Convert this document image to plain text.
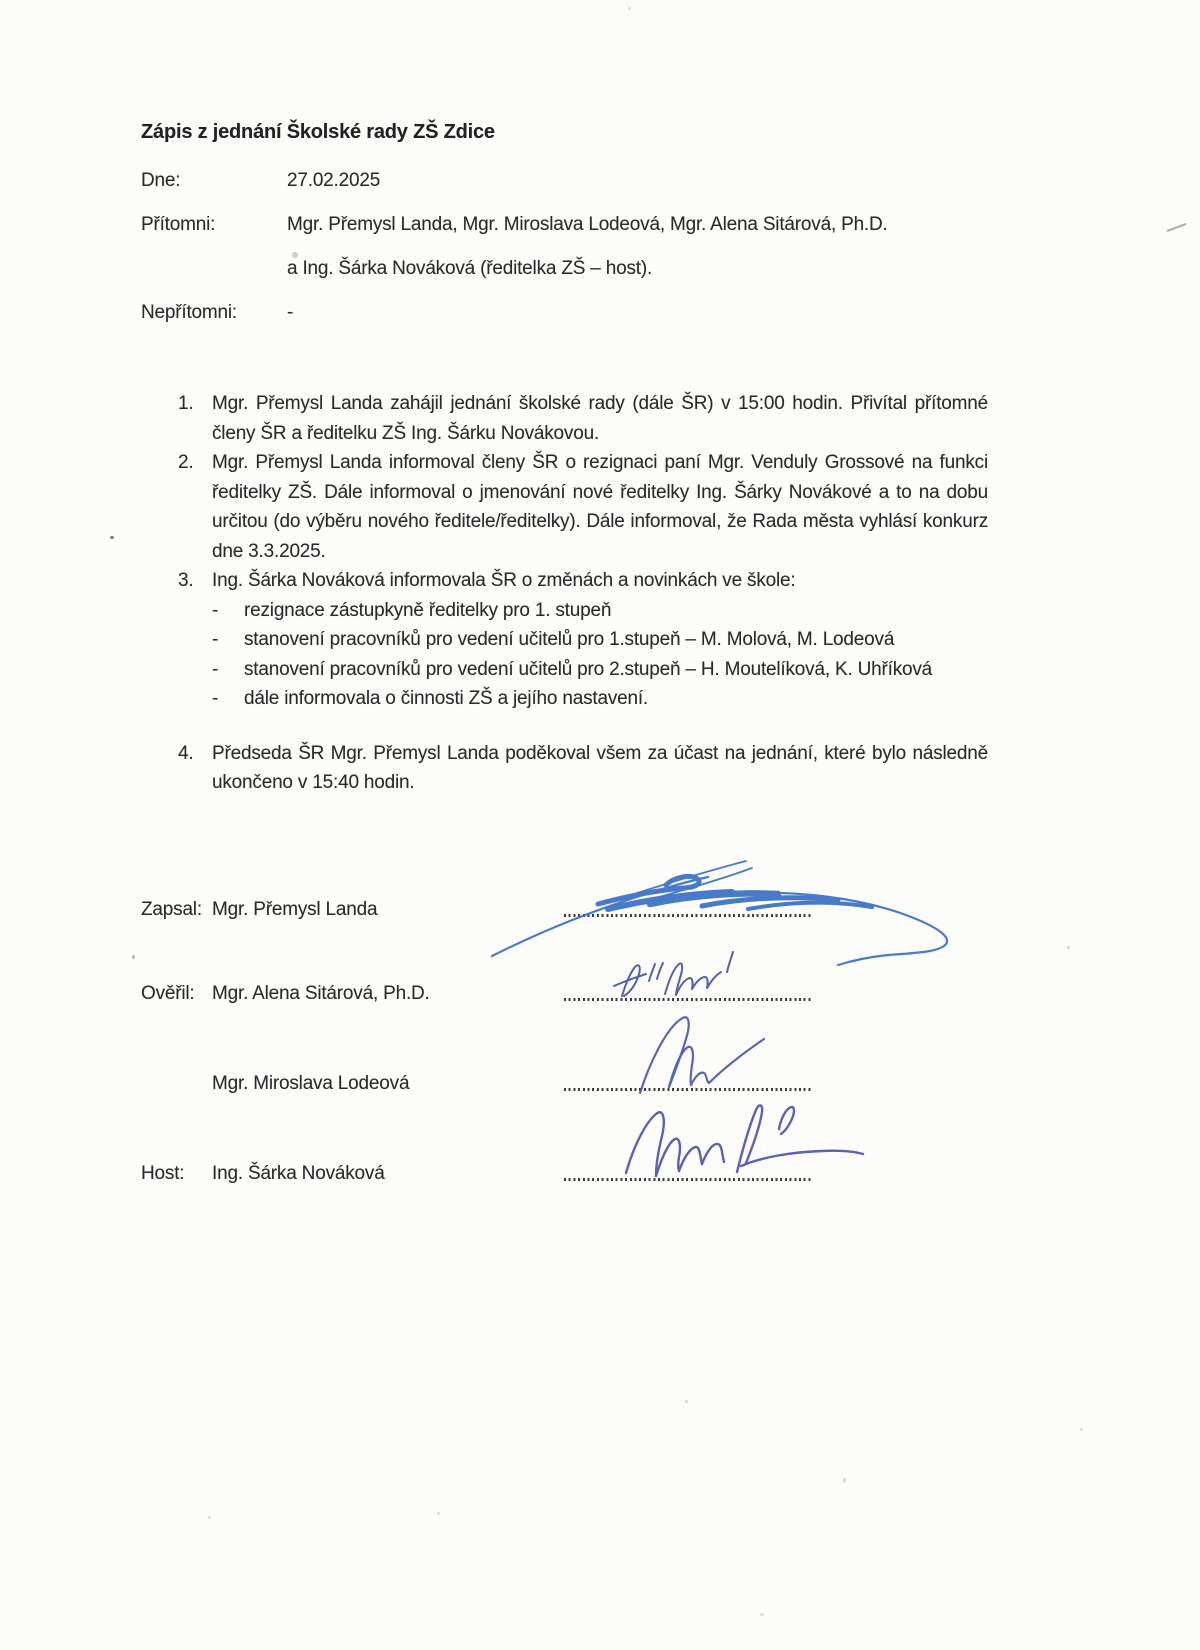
Zápis z jednání Školské rady ZŠ Zdice
Dne:	27.02.2025
Přítomni:	Mgr. Přemysl Landa, Mgr. Miroslava Lodeová, Mgr. Alena Sitárová, Ph.D.
a Ing. Šárka Nováková (ředitelka ZŠ – host).
Nepřítomni:	-
1. Mgr. Přemysl Landa zahájil jednání školské rady (dále ŠR) v 15:00 hodin. Přivítal přítomné členy ŠR a ředitelku ZŠ Ing. Šárku Novákovou.
2. Mgr. Přemysl Landa informoval členy ŠR o rezignaci paní Mgr. Venduly Grossové na funkci ředitelky ZŠ. Dále informoval o jmenování nové ředitelky Ing. Šárky Novákové a to na dobu určitou (do výběru nového ředitele/ředitelky). Dále informoval, že Rada města vyhlásí konkurz dne 3.3.2025.
3. Ing. Šárka Nováková informovala ŠR o změnách a novinkách ve škole:
-	rezignace zástupkyně ředitelky pro 1. stupeň
-	stanovení pracovníků pro vedení učitelů pro 1.stupeň – M. Molová, M. Lodeová
-	stanovení pracovníků pro vedení učitelů pro 2.stupeň – H. Moutelíková, K. Uhříková
-	dále informovala o činnosti ZŠ a jejího nastavení.
4. Předseda ŠR Mgr. Přemysl Landa poděkoval všem za účast na jednání, které bylo následně ukončeno v 15:40 hodin.
Zapsal: Mgr. Přemysl Landa
Ověřil: Mgr. Alena Sitárová, Ph.D.
Mgr. Miroslava Lodeová
Host: Ing. Šárka Nováková
